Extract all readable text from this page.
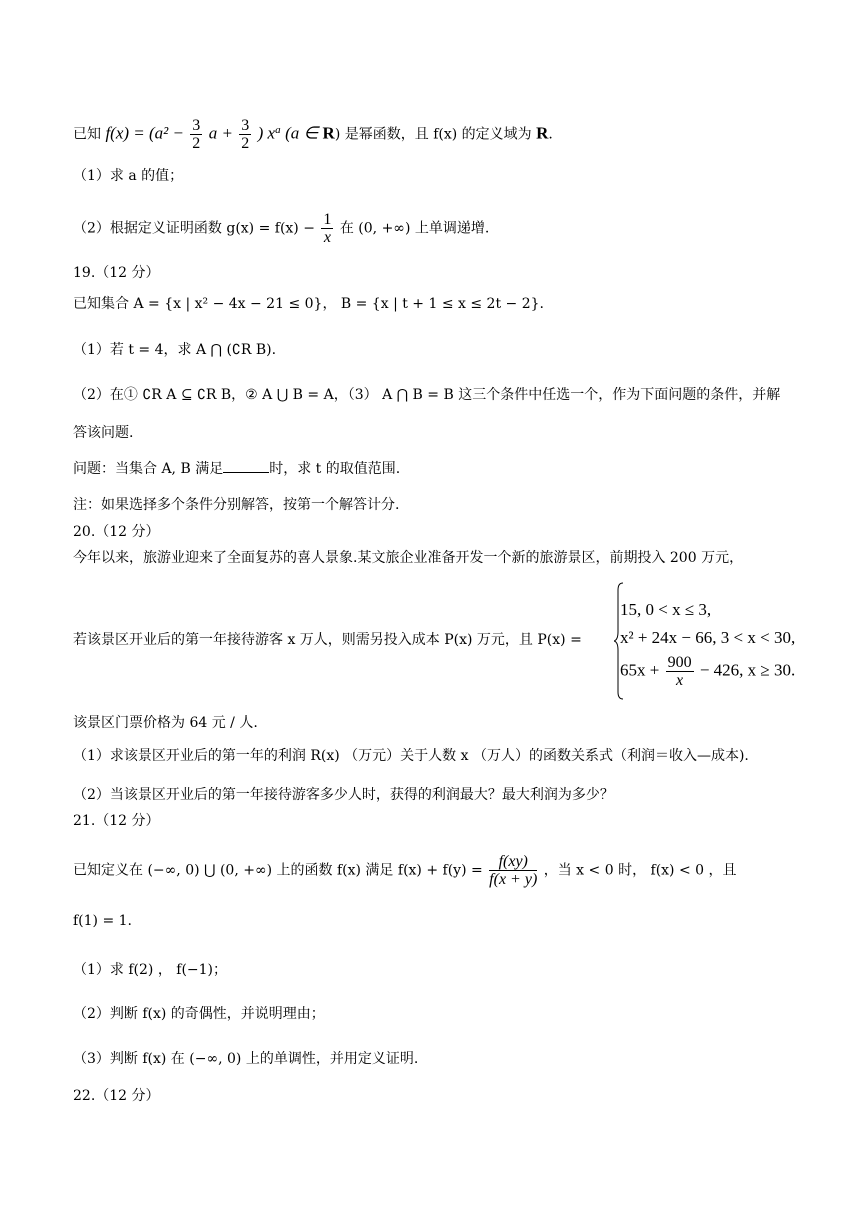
已知 $f(x) = (a^2 - \frac{3}{2}$ $a + \frac{3}{2}$ ) $x^a$ (a ∈ R) 是幂函数，且 f(x) 的定义域为 R.
（1）求 a 的值；
（2）根据定义证明函数 $g(x) = f(x) - \frac{1}{x}$ 在 (0, +∞) 上单调递增.
19.（12 分）
已知集合 A = {x | x² − 4x − 21 ≤ 0}， B = {x | t + 1 ≤ x ≤ 2t − 2}.
（1）若 t = 4，求 A ⋂ (∁R B).
（2）在① ∁R A ⊆ ∁R B，② A ⋃ B = A，（3） A ⋂ B = B 这三个条件中任选一个，作为下面问题的条件，并解
答该问题.
问题：当集合 A, B 满足	时，求 t 的取值范围.
注：如果选择多个条件分别解答，按第一个解答计分.
20.（12 分）
今年以来，旅游业迎来了全面复苏的喜人景象.某文旅企业准备开发一个新的旅游景区，前期投入 200 万元，
若该景区开业后的第一年接待游客 x 万人，则需另投入成本 P(x) 万元，且 P(x) =
15, 0 < x ≤ 3,
x² + 24x − 66, 3 < x < 30,
$65x + \frac{900}{x} - 426$, x ≥ 30.
该景区门票价格为 64 元 / 人.
（1）求该景区开业后的第一年的利润 R(x) （万元）关于人数 x （万人）的函数关系式（利润＝收入—成本).
（2）当该景区开业后的第一年接待游客多少人时，获得的利润最大？最大利润为多少？
21.（12 分）
已知定义在 (−∞, 0) ⋃ (0, +∞) 上的函数 f(x) 满足 $f(x) + f(y) = \frac{f(xy)}{f(x + y)}$ ，当 x < 0 时， f(x) < 0 ，且
f(1) = 1.
（1）求 f(2) ， f(−1)；
（2）判断 f(x) 的奇偶性，并说明理由；
（3）判断 f(x) 在 (−∞, 0) 上的单调性，并用定义证明.
22.（12 分）
